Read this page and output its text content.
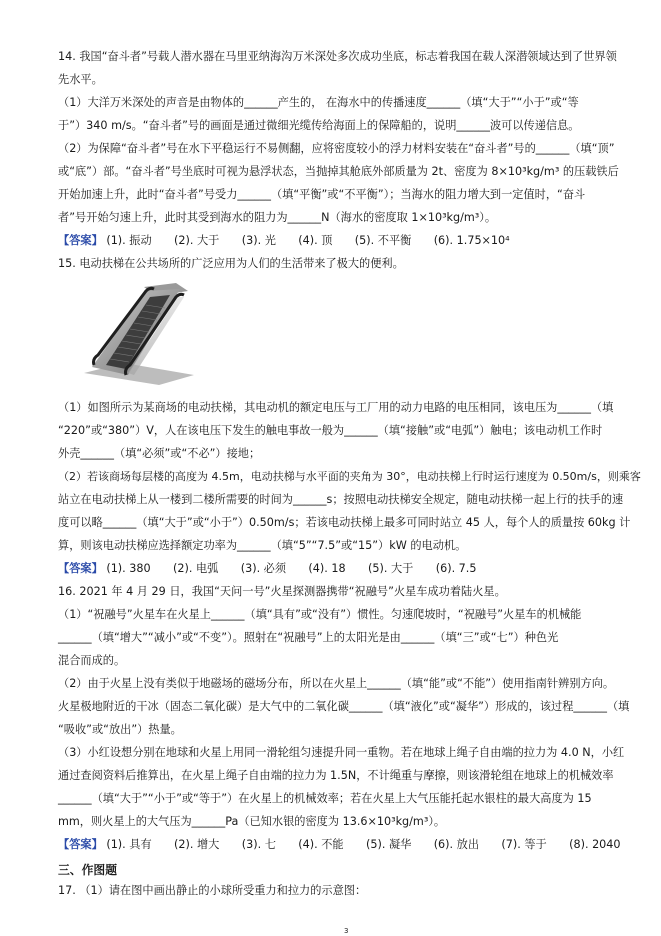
14. 我国“奋斗者”号载人潜水器在马里亚纳海沟万米深处多次成功坐底，标志着我国在载人深潜领域达到了世界领
先水平。
（1）大洋万米深处的声音是由物体的______产生的， 在海水中的传播速度______（填“大于”“小于”或“等
于”）340 m/s。“奋斗者”号的画面是通过微细光缆传给海面上的保障船的，说明______波可以传递信息。
（2）为保障“奋斗者”号在水下平稳运行不易侧翻，应将密度较小的浮力材料安装在“奋斗者”号的______（填“顶”
或“底”）部。“奋斗者”号坐底时可视为悬浮状态，当抛掉其舱底外部质量为 2t、密度为 8×10³kg/m³ 的压载铁后
开始加速上升，此时“奋斗者”号受力______（填“平衡”或“不平衡”）；当海水的阻力增大到一定值时，“奋斗
者”号开始匀速上升，此时其受到海水的阻力为______N（海水的密度取 1×10³kg/m³）。
【答案】 (1). 振动　　(2). 大于　　(3). 光　　(4). 顶　　(5). 不平衡　　(6). 1.75×10⁴
15. 电动扶梯在公共场所的广泛应用为人们的生活带来了极大的便利。
（1）如图所示为某商场的电动扶梯，其电动机的额定电压与工厂用的动力电路的电压相同，该电压为______（填
“220”或“380”）V，人在该电压下发生的触电事故一般为______（填“接触”或“电弧”）触电；该电动机工作时
外壳______（填“必须”或“不必”）接地；
（2）若该商场每层楼的高度为 4.5m，电动扶梯与水平面的夹角为 30°，电动扶梯上行时运行速度为 0.50m/s，则乘客
站立在电动扶梯上从一楼到二楼所需要的时间为______s；按照电动扶梯安全规定，随电动扶梯一起上行的扶手的速
度可以略______（填“大于”或“小于”）0.50m/s；若该电动扶梯上最多可同时站立 45 人，每个人的质量按 60kg 计
算，则该电动扶梯应选择额定功率为______（填“5”“7.5”或“15”）kW 的电动机。
【答案】 (1). 380　　(2). 电弧　　(3). 必须　　(4). 18　　(5). 大于　　(6). 7.5
16. 2021 年 4 月 29 日，我国“天问一号”火星探测器携带“祝融号”火星车成功着陆火星。
（1）“祝融号”火星车在火星上______（填“具有”或“没有”）惯性。匀速爬坡时，“祝融号”火星车的机械能
______（填“增大”“减小”或“不变”）。照射在“祝融号”上的太阳光是由______（填“三”或“七”）种色光
混合而成的。
（2）由于火星上没有类似于地磁场的磁场分布，所以在火星上______（填“能”或“不能”）使用指南针辨别方向。
火星极地附近的干冰（固态二氧化碳）是大气中的二氧化碳______（填“液化”或“凝华”）形成的，该过程______（填
“吸收”或“放出”）热量。
（3）小红设想分别在地球和火星上用同一滑轮组匀速提升同一重物。若在地球上绳子自由端的拉力为 4.0 N，小红
通过查阅资料后推算出，在火星上绳子自由端的拉力为 1.5N，不计绳重与摩擦，则该滑轮组在地球上的机械效率
______（填“大于”“小于”或“等于”）在火星上的机械效率；若在火星上大气压能托起水银柱的最大高度为 15
mm，则火星上的大气压为______Pa（已知水银的密度为 13.6×10³kg/m³）。
【答案】 (1). 具有　　(2). 增大　　(3). 七　　(4). 不能　　(5). 凝华　　(6). 放出　　(7). 等于　　(8). 2040
三、作图题
17. （1）请在图中画出静止的小球所受重力和拉力的示意图：
3
